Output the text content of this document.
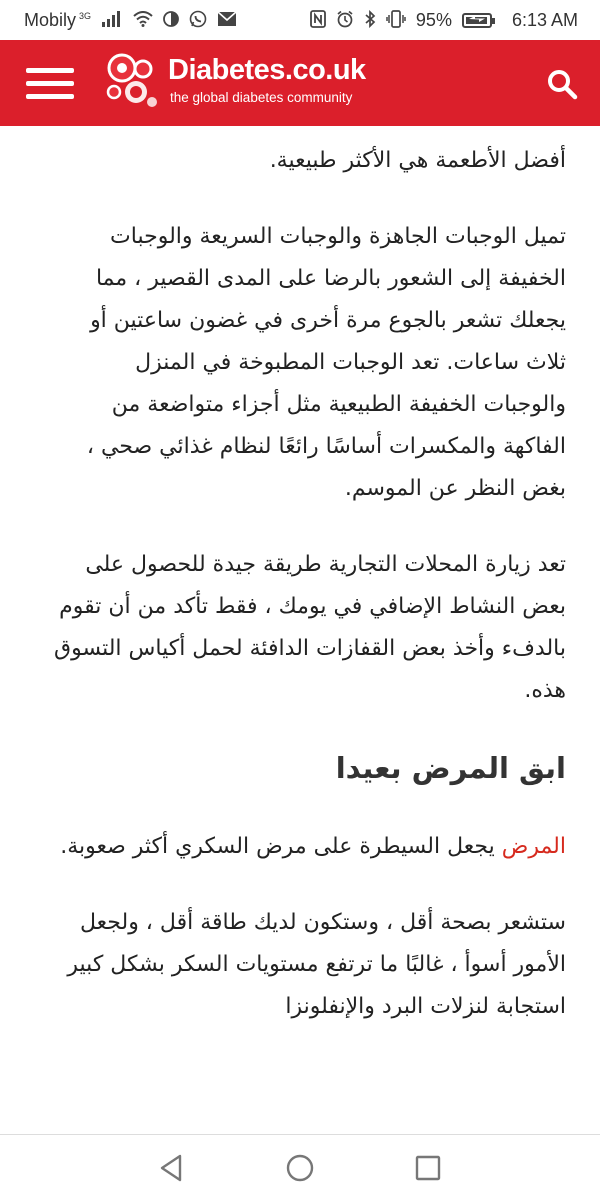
Mobily $^{3G}$	95%	6:13 AM
Diabetes.co.uk
the global diabetes community

أفضل الأطعمة هي الأكثر طبيعية.

تميل الوجبات الجاهزة والوجبات السريعة والوجبات الخفيفة إلى الشعور بالرضا على المدى القصير ، مما يجعلك تشعر بالجوع مرة أخرى في غضون ساعتين أو ثلاث ساعات. تعد الوجبات المطبوخة في المنزل والوجبات الخفيفة الطبيعية مثل أجزاء متواضعة من الفاكهة والمكسرات أساسًا رائعًا لنظام غذائي صحي ، بغض النظر عن الموسم.

تعد زيارة المحلات التجارية طريقة جيدة للحصول على بعض النشاط الإضافي في يومك ، فقط تأكد من أن تقوم بالدفء وأخذ بعض القفازات الدافئة لحمل أكياس التسوق هذه.

ابق المرض بعيدا

المرض يجعل السيطرة على مرض السكري أكثر صعوبة.

ستشعر بصحة أقل ، وستكون لديك طاقة أقل ، ولجعل الأمور أسوأ ، غالبًا ما ترتفع مستويات السكر بشكل كبير استجابة لنزلات البرد والإنفلونزا
